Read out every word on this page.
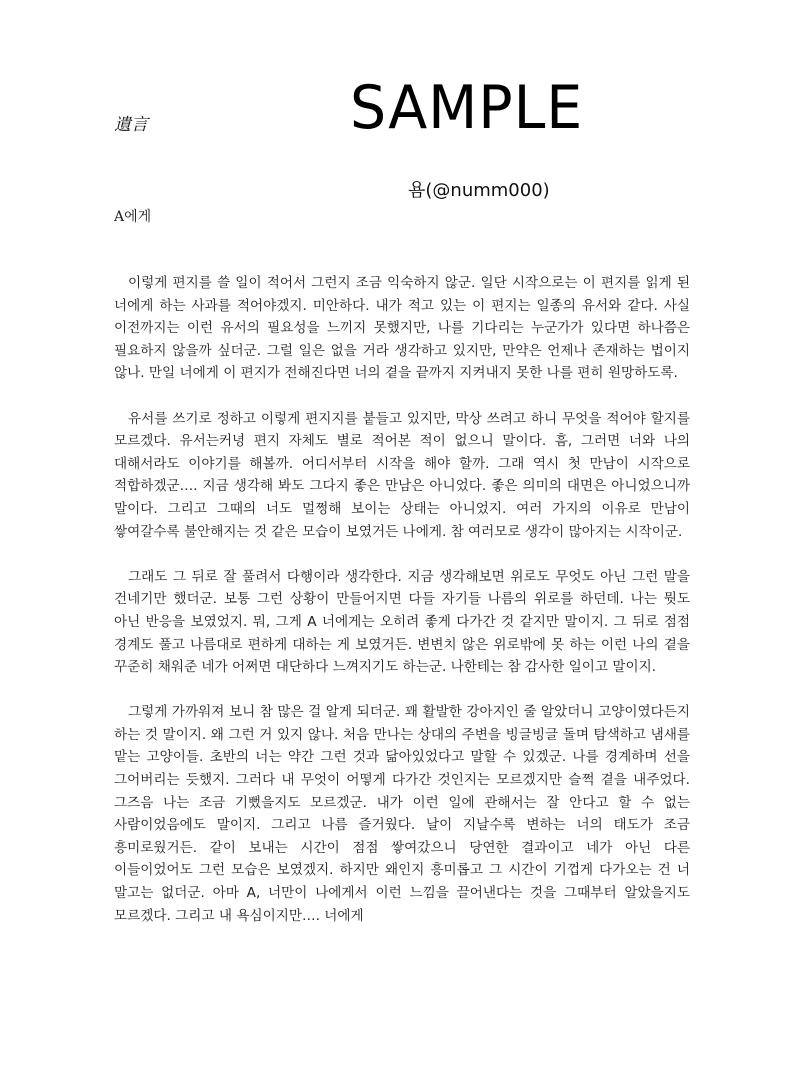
遺言	SAMPLE
욤(@numm000)
A에게

이렇게 편지를 쓸 일이 적어서 그런지 조금 익숙하지 않군. 일단 시작으로는 이 편지를 읽게 된 너에게 하는 사과를 적어야겠지. 미안하다. 내가 적고 있는 이 편지는 일종의 유서와 같다. 사실 이전까지는 이런 유서의 필요성을 느끼지 못했지만, 나를 기다리는 누군가가 있다면 하나쯤은 필요하지 않을까 싶더군. 그럴 일은 없을 거라 생각하고 있지만, 만약은 언제나 존재하는 법이지 않나. 만일 너에게 이 편지가 전해진다면 너의 곁을 끝까지 지켜내지 못한 나를 편히 원망하도록.

유서를 쓰기로 정하고 이렇게 편지지를 붙들고 있지만, 막상 쓰려고 하니 무엇을 적어야 할지를 모르겠다. 유서는커녕 편지 자체도 별로 적어본 적이 없으니 말이다. 흠, 그러면 너와 나의 대해서라도 이야기를 해볼까. 어디서부터 시작을 해야 할까. 그래 역시 첫 만남이 시작으로 적합하겠군…. 지금 생각해 봐도 그다지 좋은 만남은 아니었다. 좋은 의미의 대면은 아니었으니까 말이다. 그리고 그때의 너도 멀쩡해 보이는 상태는 아니었지. 여러 가지의 이유로 만남이 쌓여갈수록 불안해지는 것 같은 모습이 보였거든 나에게. 참 여러모로 생각이 많아지는 시작이군.

그래도 그 뒤로 잘 풀려서 다행이라 생각한다. 지금 생각해보면 위로도 무엇도 아닌 그런 말을 건네기만 했더군. 보통 그런 상황이 만들어지면 다들 자기들 나름의 위로를 하던데. 나는 뭣도 아닌 반응을 보였었지. 뭐, 그게 A 너에게는 오히려 좋게 다가간 것 같지만 말이지. 그 뒤로 점점 경계도 풀고 나름대로 편하게 대하는 게 보였거든. 변변치 않은 위로밖에 못 하는 이런 나의 곁을 꾸준히 채워준 네가 어쩌면 대단하다 느껴지기도 하는군. 나한테는 참 감사한 일이고 말이지.

그렇게 가까워져 보니 참 많은 걸 알게 되더군. 꽤 활발한 강아지인 줄 알았더니 고양이였다든지 하는 것 말이지. 왜 그런 거 있지 않나. 처음 만나는 상대의 주변을 빙글빙글 돌며 탐색하고 냄새를 맡는 고양이들. 초반의 너는 약간 그런 것과 닮아있었다고 말할 수 있겠군. 나를 경계하며 선을 그어버리는 듯했지. 그러다 내 무엇이 어떻게 다가간 것인지는 모르겠지만 슬쩍 곁을 내주었다. 그즈음 나는 조금 기뻤을지도 모르겠군. 내가 이런 일에 관해서는 잘 안다고 할 수 없는 사람이었음에도 말이지. 그리고 나름 즐거웠다. 날이 지날수록 변하는 너의 태도가 조금 흥미로웠거든. 같이 보내는 시간이 점점 쌓여갔으니 당연한 결과이고 네가 아닌 다른 이들이었어도 그런 모습은 보였겠지. 하지만 왜인지 흥미롭고 그 시간이 기껍게 다가오는 건 너 말고는 없더군. 아마 A, 너만이 나에게서 이런 느낌을 끌어낸다는 것을 그때부터 알았을지도 모르겠다. 그리고 내 욕심이지만…. 너에게
